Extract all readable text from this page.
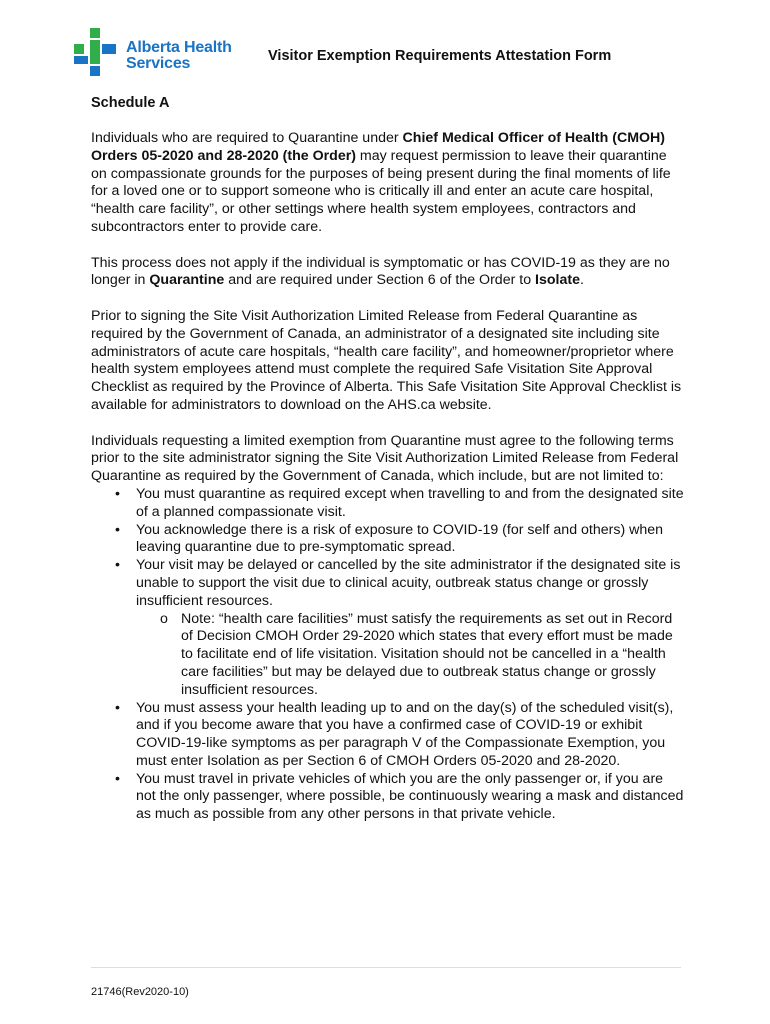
Alberta Health
Services	Visitor Exemption Requirements Attestation Form
Schedule A

Individuals who are required to Quarantine under Chief Medical Officer of Health (CMOH) Orders 05-2020 and 28-2020 (the Order) may request permission to leave their quarantine on compassionate grounds for the purposes of being present during the final moments of life for a loved one or to support someone who is critically ill and enter an acute care hospital, “health care facility”, or other settings where health system employees, contractors and subcontractors enter to provide care.

This process does not apply if the individual is symptomatic or has COVID-19 as they are no longer in Quarantine and are required under Section 6 of the Order to Isolate.

Prior to signing the Site Visit Authorization Limited Release from Federal Quarantine as required by the Government of Canada, an administrator of a designated site including site administrators of acute care hospitals, “health care facility”, and homeowner/proprietor where health system employees attend must complete the required Safe Visitation Site Approval Checklist as required by the Province of Alberta. This Safe Visitation Site Approval Checklist is available for administrators to download on the AHS.ca website.

Individuals requesting a limited exemption from Quarantine must agree to the following terms prior to the site administrator signing the Site Visit Authorization Limited Release from Federal Quarantine as required by the Government of Canada, which include, but are not limited to:

• You must quarantine as required except when travelling to and from the designated site of a planned compassionate visit.
• You acknowledge there is a risk of exposure to COVID-19 (for self and others) when leaving quarantine due to pre-symptomatic spread.
• Your visit may be delayed or cancelled by the site administrator if the designated site is unable to support the visit due to clinical acuity, outbreak status change or grossly insufficient resources.
o Note: “health care facilities” must satisfy the requirements as set out in Record of Decision CMOH Order 29-2020 which states that every effort must be made to facilitate end of life visitation. Visitation should not be cancelled in a “health care facilities” but may be delayed due to outbreak status change or grossly insufficient resources.
• You must assess your health leading up to and on the day(s) of the scheduled visit(s), and if you become aware that you have a confirmed case of COVID-19 or exhibit COVID-19-like symptoms as per paragraph V of the Compassionate Exemption, you must enter Isolation as per Section 6 of CMOH Orders 05-2020 and 28-2020.
• You must travel in private vehicles of which you are the only passenger or, if you are not the only passenger, where possible, be continuously wearing a mask and distanced as much as possible from any other persons in that private vehicle.
21746(Rev2020-10)
